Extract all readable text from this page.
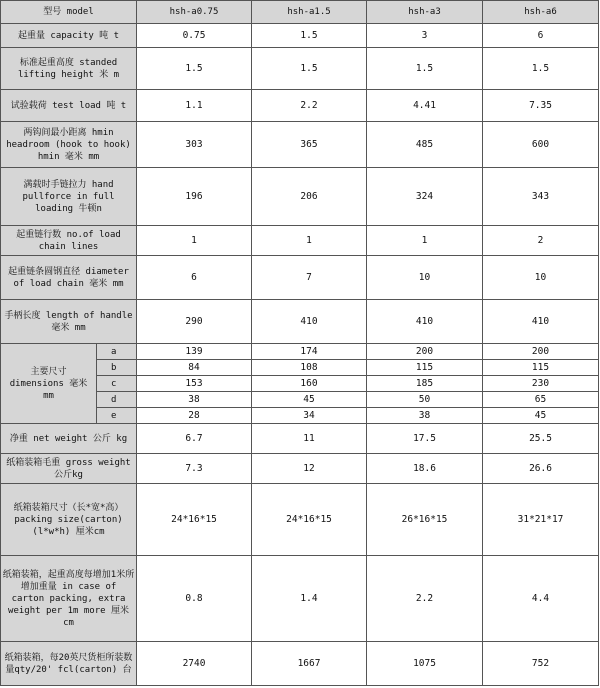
型号 model		hsh-a0.75	hsh-a1.5	hsh-a3	hsh-a6
起重量 capacity 吨 t		0.75	1.5	3	6
标准起重高度 standed lifting height 米 m		1.5	1.5	1.5	1.5
试验载荷 test load 吨 t		1.1	2.2	4.41	7.35
两钩间最小距离 hmin headroom (hook to hook) hmin 毫米 mm		303	365	485	600
满载时手链拉力 hand pullforce in full loading 牛顿n		196	206	324	343
起重链行数 no.of load chain lines		1	1	1	2
起重链条圆钢直径 diameter of load chain 毫米 mm		6	7	10	10
手柄长度 length of handle 毫米 mm		290	410	410	410
主要尺寸 dimensions 毫米 mm	a	139	174	200	200
	b	84	108	115	115
	c	153	160	185	230
	d	38	45	50	65
	e	28	34	38	45
净重 net weight 公斤 kg		6.7	11	17.5	25.5
纸箱装箱毛重 gross weight 公斤kg		7.3	12	18.6	26.6
纸箱装箱尺寸（长*宽*高） packing size(carton) (l*w*h) 厘米cm		24*16*15	24*16*15	26*16*15	31*21*17
纸箱装箱，起重高度每增加1米所增加重量 in case of carton packing, extra weight per 1m more 厘米 cm		0.8	1.4	2.2	4.4
纸箱装箱，每20英尺货柜所装数量qty/20' fcl(carton) 台		2740	1667	1075	752
